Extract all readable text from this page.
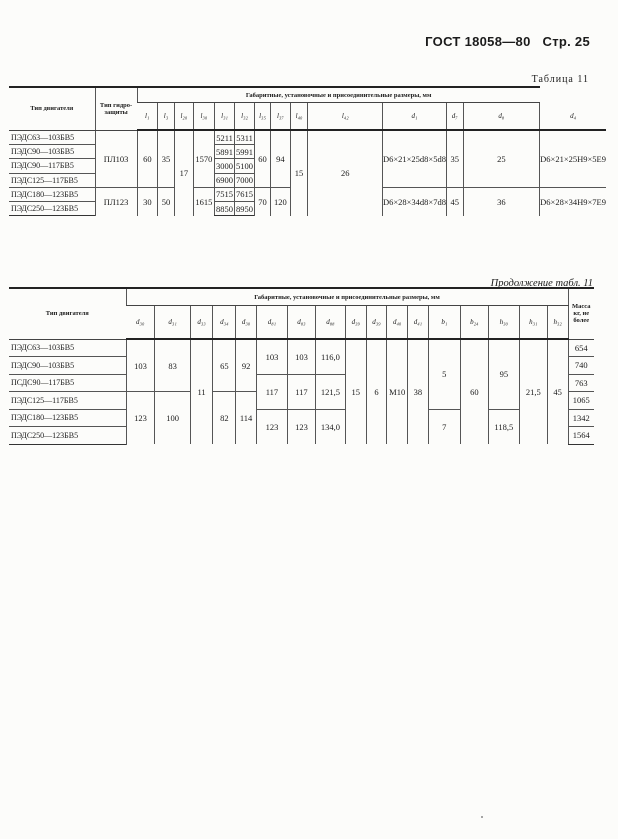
ГОСТ 18058—80 Стр. 25
Таблица 11
Тип двигателя	Тип гидро-защиты	Габаритные, установочные и присоединительные размеры, мм													
		l₁	l₃	l₂₀	l₃₀	l₃₁	l₃₂	l₃₅	l₃₇	l₄₀	l₄₂	d₁	d₇	d₈	d₄
ПЭДС63—103БВ5	ПЛ103	60	35	17	1570	5211	5311	60	94	15	26	D6×21×25d8×5d8	35	25	D6×21×25H9×5E9
ПЭДС90—103БВ5						5891	5991								
ПЭДС90—117БВ5						3000	5100								
ПЭДС125—117БВ5						6900	7000								
ПЭДС180—123БВ5	ПЛ123	30	50		1615	7515	7615	70	120			D6×28×34d8×7d8	45	36	D6×28×34H9×7E9
ПЭДС250—123БВ5						8850	8950								
Продолжение табл. 11
Тип двигателя	Габаритные, установочные и присоединительные размеры, мм																	Масса кг, не более
	d₃₀	d₃₁	d₃₃	d₃₄	d₃₀	d₈₁	d₈₃	d₈₈	d₃₉	d₃₉	d₄₀	d₄₁	b₁	b₂₄	h₃₀	h₃₁	h₃₂	
ПЭДС63—103БВ5	103	83	11	65	92	103	103	116,0	15	6	M10	38	5	60	95	21,5	45	654
ПЭДС90—103БВ5																		740
ПСДС90—117БВ5						117	117	121,5										763
ПЭДС125—117БВ5	123	100		82	114													1065
ПЭДС180—123БВ5						123	123	134,0					7		118,5			1342
ПЭДС250—123БВ5																		1564
